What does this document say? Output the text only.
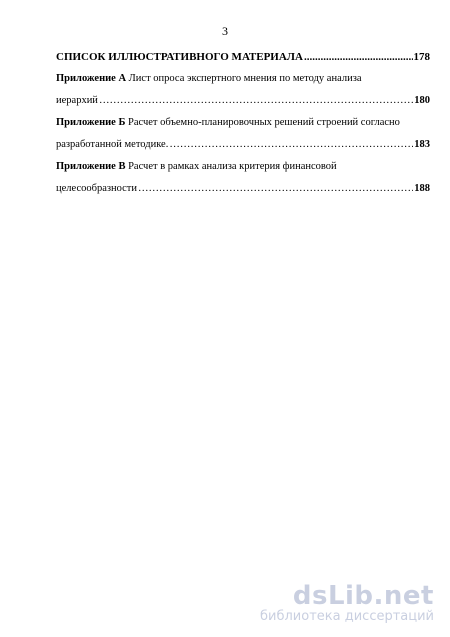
3
СПИСОК ИЛЛЮСТРАТИВНОГО МАТЕРИАЛА .....	178
Приложение А Лист опроса экспертного мнения по методу анализа
иерархий ……………………………………………………………………………………………………………………………………	180
Приложение Б Расчет объемно-планировочных решений строений согласно
разработанной методике. ……………………………………………………………………………………………………………………………………	183
Приложение В Расчет в рамках анализа критерия финансовой
целесообразности ……………………………………………………………………………………………………………………………………	188
dsLib.net
библиотека диссертаций
